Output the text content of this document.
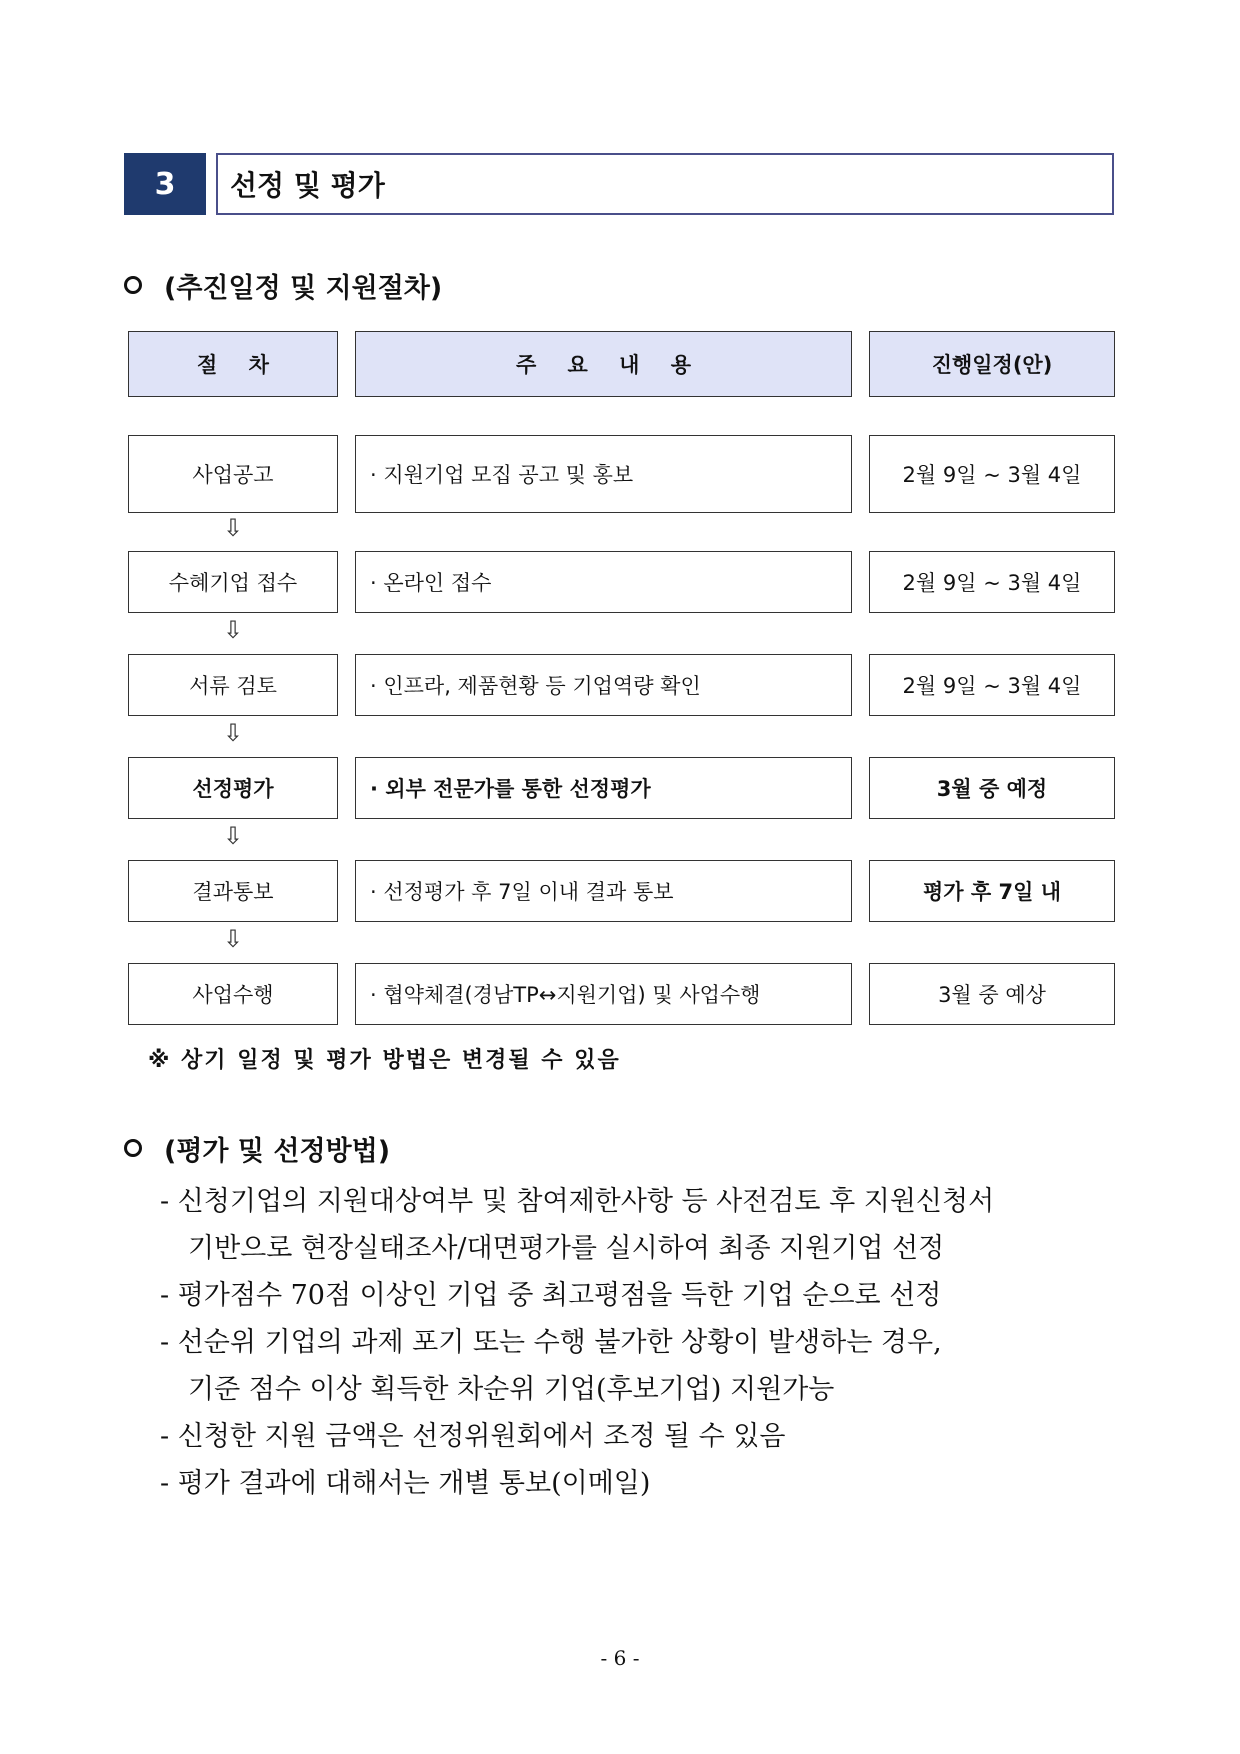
3	선정 및 평가
(추진일정 및 지원절차)
절 차	주 요 내 용	진행일정(안)
사업공고	· 지원기업 모집 공고 및 홍보	2월 9일 ~ 3월 4일
⇩
수혜기업 접수	· 온라인 접수	2월 9일 ~ 3월 4일
⇩
서류 검토	· 인프라, 제품현황 등 기업역량 확인	2월 9일 ~ 3월 4일
⇩
선정평가	· 외부 전문가를 통한 선정평가	3월 중 예정
⇩
결과통보	· 선정평가 후 7일 이내 결과 통보	평가 후 7일 내
⇩
사업수행	· 협약체결(경남TP↔지원기업) 및 사업수행	3월 중 예상
※ 상기 일정 및 평가 방법은 변경될 수 있음
(평가 및 선정방법)
- 신청기업의 지원대상여부 및 참여제한사항 등 사전검토 후 지원신청서
기반으로 현장실태조사/대면평가를 실시하여 최종 지원기업 선정
- 평가점수 70점 이상인 기업 중 최고평점을 득한 기업 순으로 선정
- 선순위 기업의 과제 포기 또는 수행 불가한 상황이 발생하는 경우,
기준 점수 이상 획득한 차순위 기업(후보기업) 지원가능
- 신청한 지원 금액은 선정위원회에서 조정 될 수 있음
- 평가 결과에 대해서는 개별 통보(이메일)
- 6 -
